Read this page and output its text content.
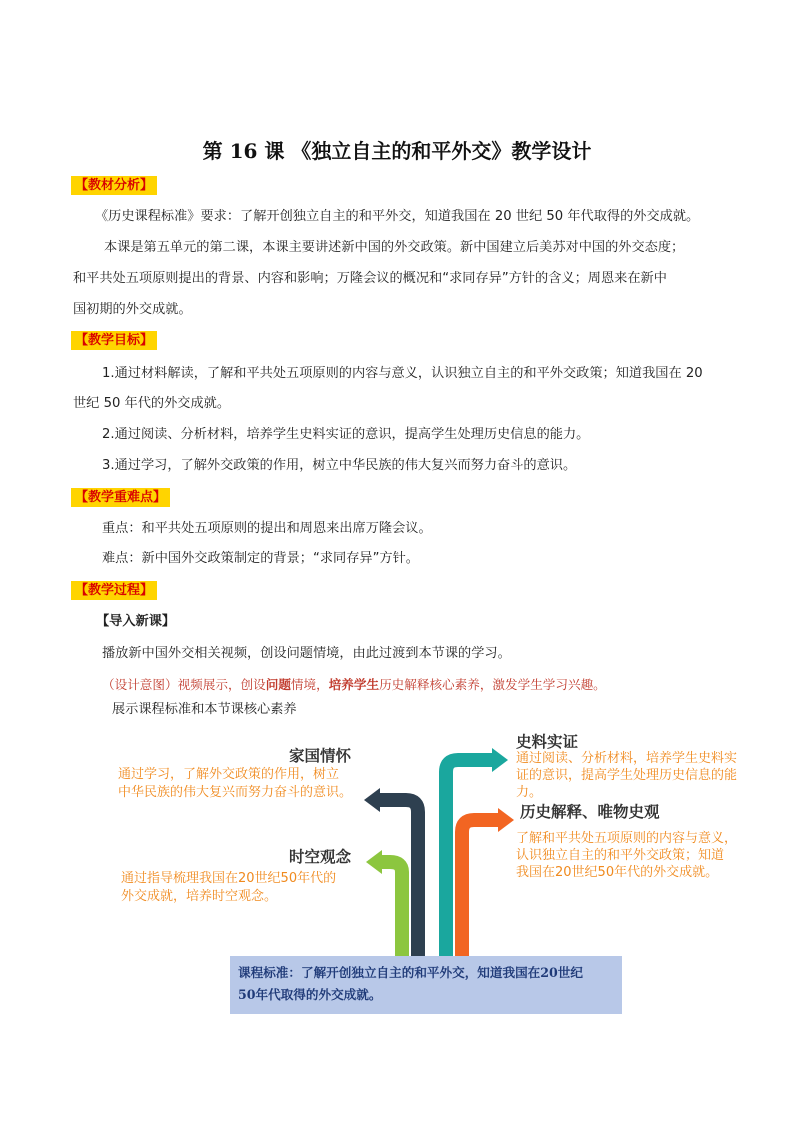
第 16 课 《独立自主的和平外交》教学设计
【教材分析】
《历史课程标准》要求：了解开创独立自主的和平外交，知道我国在 20 世纪 50 年代取得的外交成就。
本课是第五单元的第二课，本课主要讲述新中国的外交政策。新中国建立后美苏对中国的外交态度；
和平共处五项原则提出的背景、内容和影响；万隆会议的概况和“求同存异”方针的含义；周恩来在新中
国初期的外交成就。
【教学目标】
1.通过材料解读，了解和平共处五项原则的内容与意义，认识独立自主的和平外交政策；知道我国在 20
世纪 50 年代的外交成就。
2.通过阅读、分析材料，培养学生史料实证的意识，提高学生处理历史信息的能力。
3.通过学习，了解外交政策的作用，树立中华民族的伟大复兴而努力奋斗的意识。
【教学重难点】
重点：和平共处五项原则的提出和周恩来出席万隆会议。
难点：新中国外交政策制定的背景；“求同存异”方针。
【教学过程】
【导入新课】
播放新中国外交相关视频，创设问题情境，由此过渡到本节课的学习。
（设计意图）视频展示，创设问题情境，培养学生历史解释核心素养，激发学生学习兴趣。
展示课程标准和本节课核心素养
家国情怀
通过学习，了解外交政策的作用，树立
中华民族的伟大复兴而努力奋斗的意识。
时空观念
通过指导梳理我国在20世纪50年代的
外交成就，培养时空观念。
史料实证
通过阅读、分析材料，培养学生史料实
证的意识，提高学生处理历史信息的能
力。
历史解释、唯物史观
了解和平共处五项原则的内容与意义，
认识独立自主的和平外交政策；知道
我国在20世纪50年代的外交成就。
课程标准：了解开创独立自主的和平外交，知道我国在20世纪
50年代取得的外交成就。
